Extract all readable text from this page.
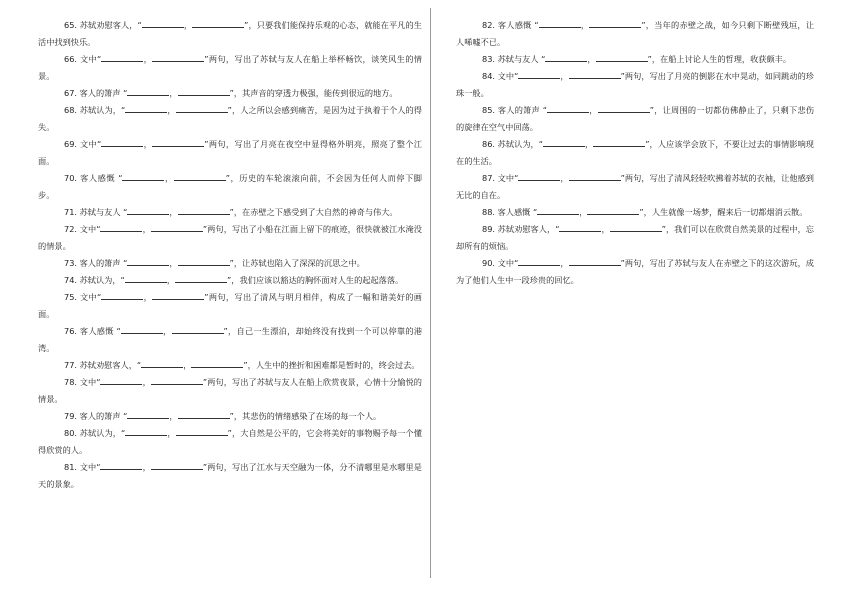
65. 苏轼劝慰客人，“	，	”，只要我们能保持乐观的心态，就能在平凡的生活中找到快乐。

66. 文中“	，	”两句，写出了苏轼与友人在船上举杯畅饮，谈笑风生的情景。

67. 客人的箫声 “	，	”，其声音的穿透力极强，能传到很远的地方。

68. 苏轼认为，“	，	”，人之所以会感到痛苦，是因为过于执着于个人的得失。

69. 文中“	，	”两句，写出了月亮在夜空中显得格外明亮，照亮了整个江面。

70. 客人感慨 “	，	”，历史的车轮滚滚向前，不会因为任何人而停下脚步。

71. 苏轼与友人 “	，	”，在赤壁之下感受到了大自然的神奇与伟大。

72. 文中“	，	”两句，写出了小船在江面上留下的痕迹，很快就被江水淹没的情景。

73. 客人的箫声 “	，	”，让苏轼也陷入了深深的沉思之中。

74. 苏轼认为，“	，	”，我们应该以豁达的胸怀面对人生的起起落落。

75. 文中“	，	”两句，写出了清风与明月相伴，构成了一幅和谐美好的画面。

76. 客人感慨 “	，	”，自己一生漂泊，却始终没有找到一个可以停靠的港湾。

77. 苏轼劝慰客人，“	，	”，人生中的挫折和困难都是暂时的，终会过去。

78. 文中“	，	”两句，写出了苏轼与友人在船上欣赏夜景，心情十分愉悦的情景。

79. 客人的箫声 “	，	”，其悲伤的情绪感染了在场的每一个人。

80. 苏轼认为，“	，	”，大自然是公平的，它会将美好的事物赐予每一个懂得欣赏的人。

81. 文中“	，	”两句，写出了江水与天空融为一体，分不清哪里是水哪里是天的景象。

82. 客人感慨 “	，	”，当年的赤壁之战，如今只剩下断壁残垣，让人唏嘘不已。

83. 苏轼与友人 “	，	”，在船上讨论人生的哲理，收获颇丰。

84. 文中“	，	”两句，写出了月亮的倒影在水中晃动，如同跳动的珍珠一般。

85. 客人的箫声 “	，	”，让周围的一切都仿佛静止了，只剩下悲伤的旋律在空气中回荡。

86. 苏轼认为，“	，	”，人应该学会放下，不要让过去的事情影响现在的生活。

87. 文中“	，	”两句，写出了清风轻轻吹拂着苏轼的衣袖，让他感到无比的自在。

88. 客人感慨 “	，	”，人生就像一场梦，醒来后一切都烟消云散。

89. 苏轼劝慰客人，“	，	”，我们可以在欣赏自然美景的过程中，忘却所有的烦恼。

90. 文中“	，	”两句，写出了苏轼与友人在赤壁之下的这次游玩，成为了他们人生中一段珍贵的回忆。
